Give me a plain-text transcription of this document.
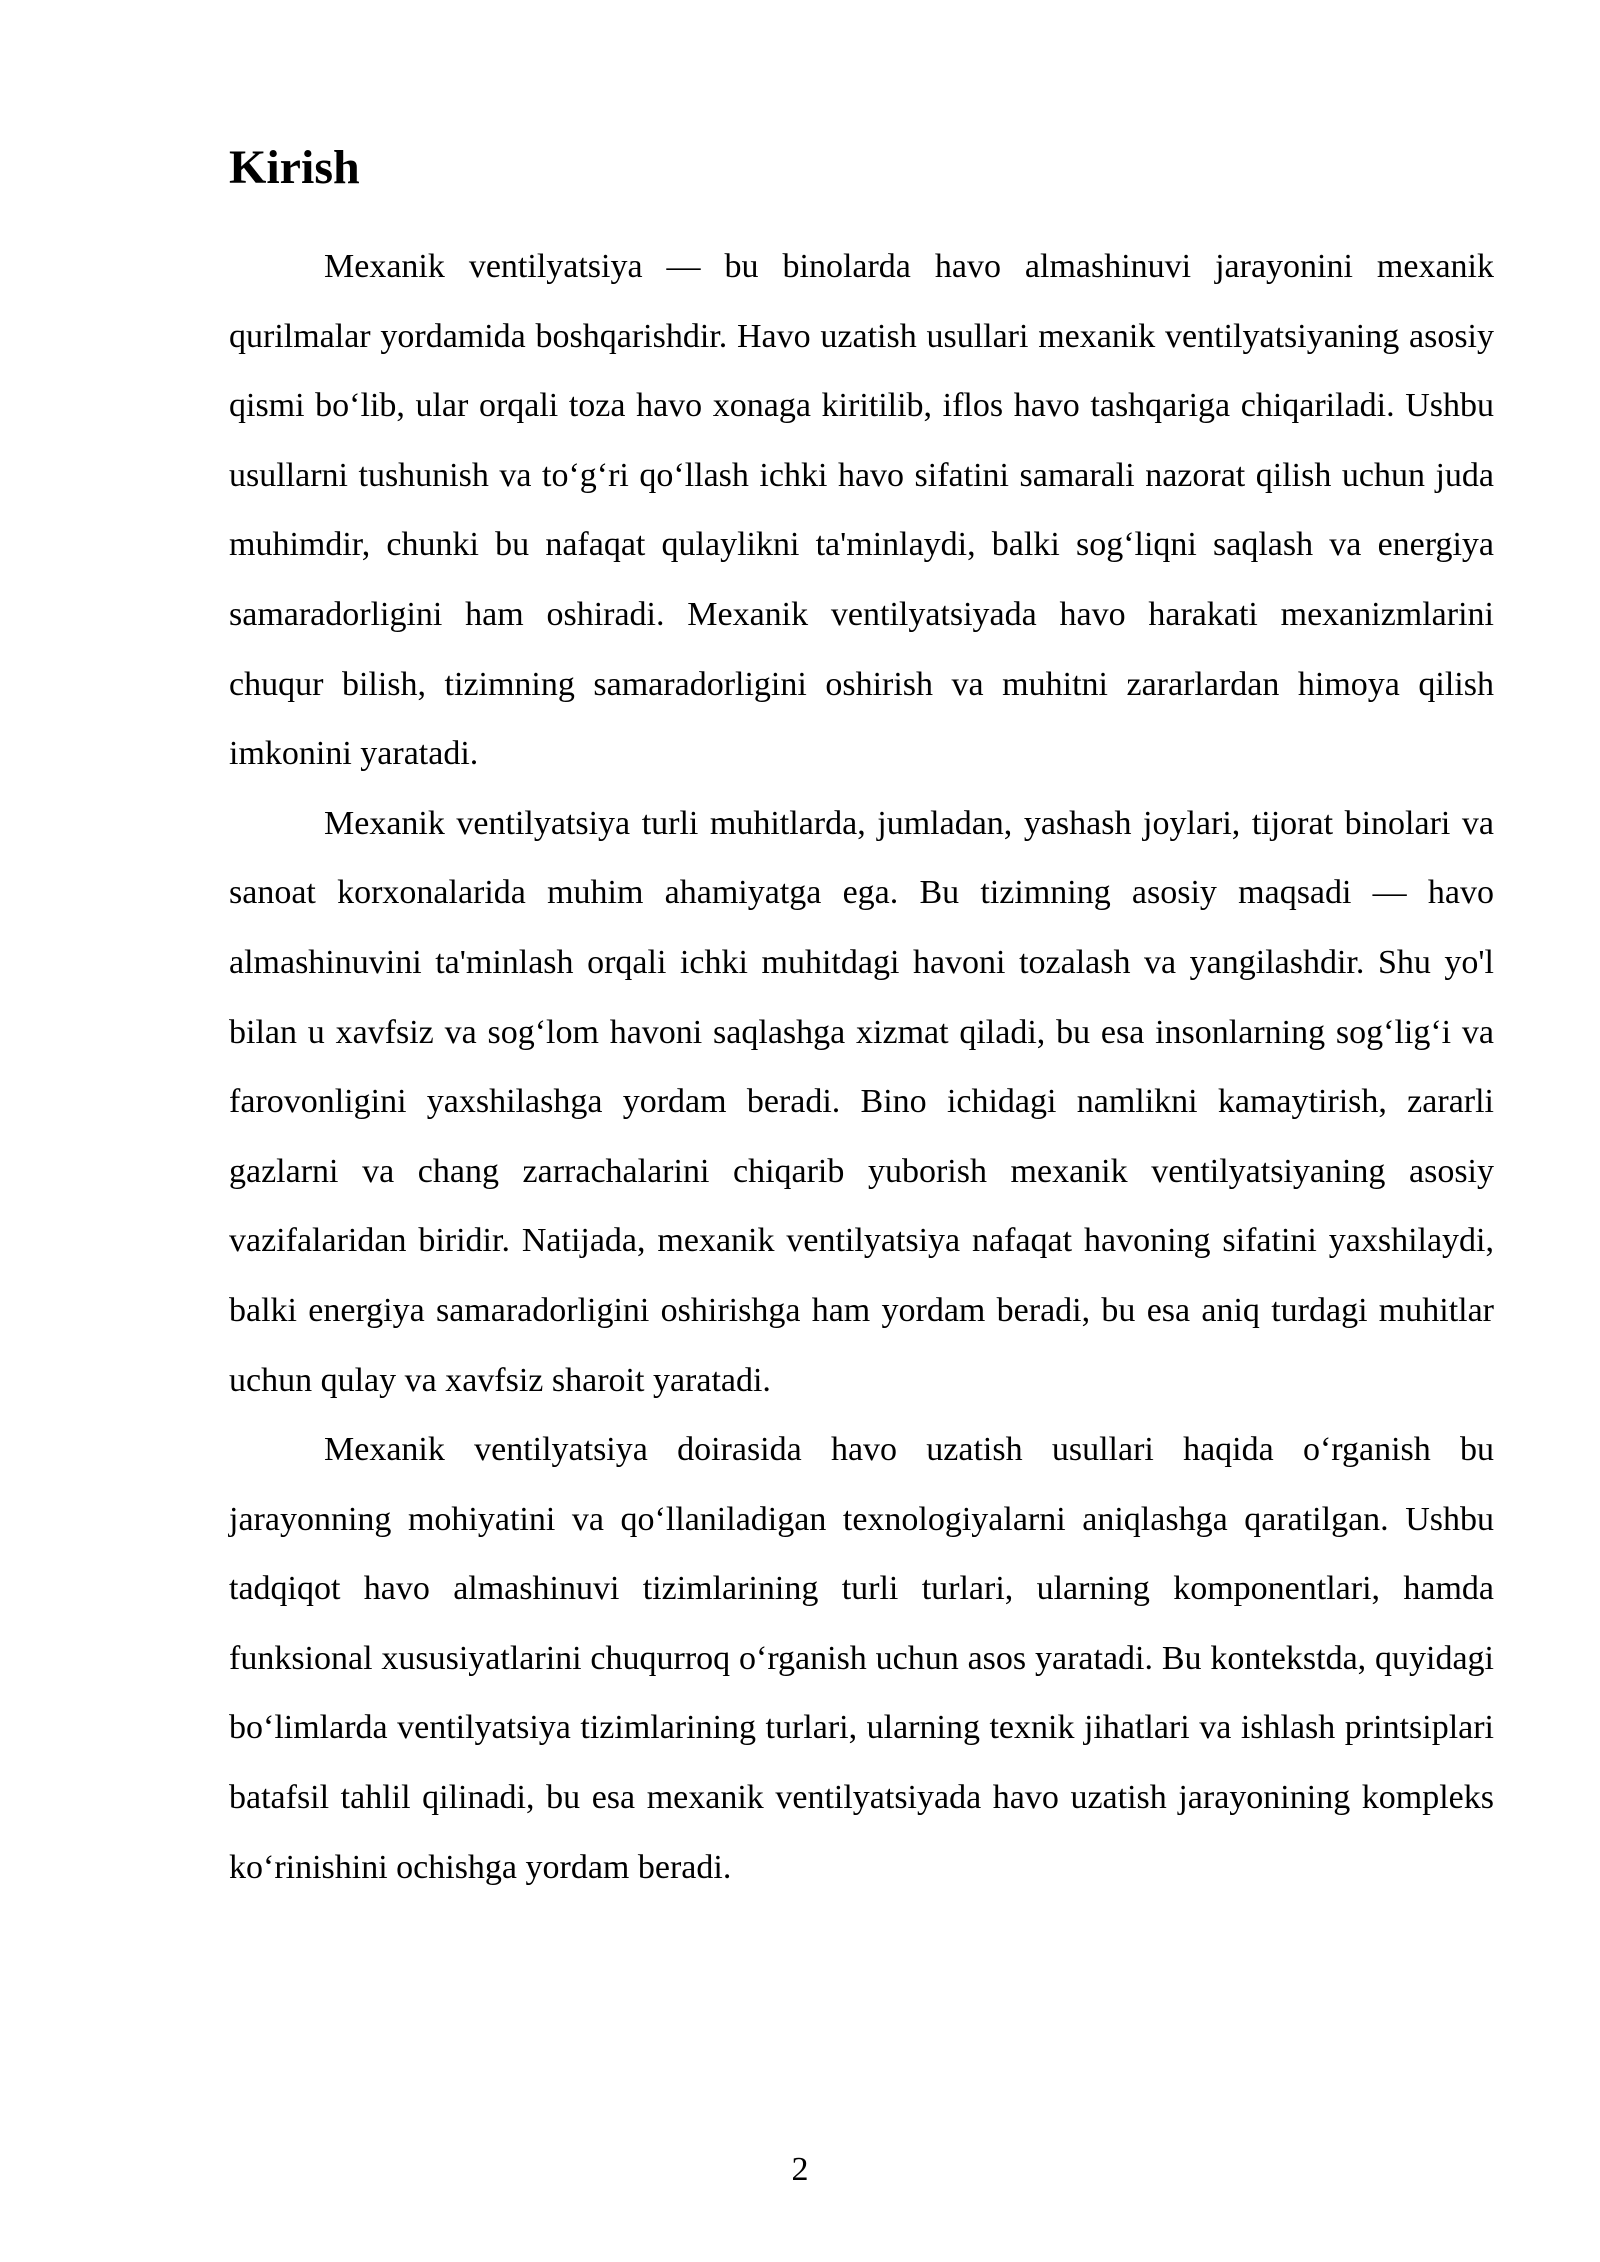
Kirish

Mexanik ventilyatsiya — bu binolarda havo almashinuvi jarayonini mexanik qurilmalar yordamida boshqarishdir. Havo uzatish usullari mexanik ventilyatsiyaning asosiy qismi bo‘lib, ular orqali toza havo xonaga kiritilib, iflos havo tashqariga chiqariladi. Ushbu usullarni tushunish va to‘g‘ri qo‘llash ichki havo sifatini samarali nazorat qilish uchun juda muhimdir, chunki bu nafaqat qulaylikni ta'minlaydi, balki sog‘liqni saqlash va energiya samaradorligini ham oshiradi. Mexanik ventilyatsiyada havo harakati mexanizmlarini chuqur bilish, tizimning samaradorligini oshirish va muhitni zararlardan himoya qilish imkonini yaratadi.

Mexanik ventilyatsiya turli muhitlarda, jumladan, yashash joylari, tijorat binolari va sanoat korxonalarida muhim ahamiyatga ega. Bu tizimning asosiy maqsadi — havo almashinuvini ta'minlash orqali ichki muhitdagi havoni tozalash va yangilashdir. Shu yo'l bilan u xavfsiz va sog‘lom havoni saqlashga xizmat qiladi, bu esa insonlarning sog‘lig‘i va farovonligini yaxshilashga yordam beradi. Bino ichidagi namlikni kamaytirish, zararli gazlarni va chang zarrachalarini chiqarib yuborish mexanik ventilyatsiyaning asosiy vazifalaridan biridir. Natijada, mexanik ventilyatsiya nafaqat havoning sifatini yaxshilaydi, balki energiya samaradorligini oshirishga ham yordam beradi, bu esa aniq turdagi muhitlar uchun qulay va xavfsiz sharoit yaratadi.

Mexanik ventilyatsiya doirasida havo uzatish usullari haqida o‘rganish bu jarayonning mohiyatini va qo‘llaniladigan texnologiyalarni aniqlashga qaratilgan. Ushbu tadqiqot havo almashinuvi tizimlarining turli turlari, ularning komponentlari, hamda funksional xususiyatlarini chuqurroq o‘rganish uchun asos yaratadi. Bu kontekstda, quyidagi bo‘limlarda ventilyatsiya tizimlarining turlari, ularning texnik jihatlari va ishlash printsiplari batafsil tahlil qilinadi, bu esa mexanik ventilyatsiyada havo uzatish jarayonining kompleks ko‘rinishini ochishga yordam beradi.

2
